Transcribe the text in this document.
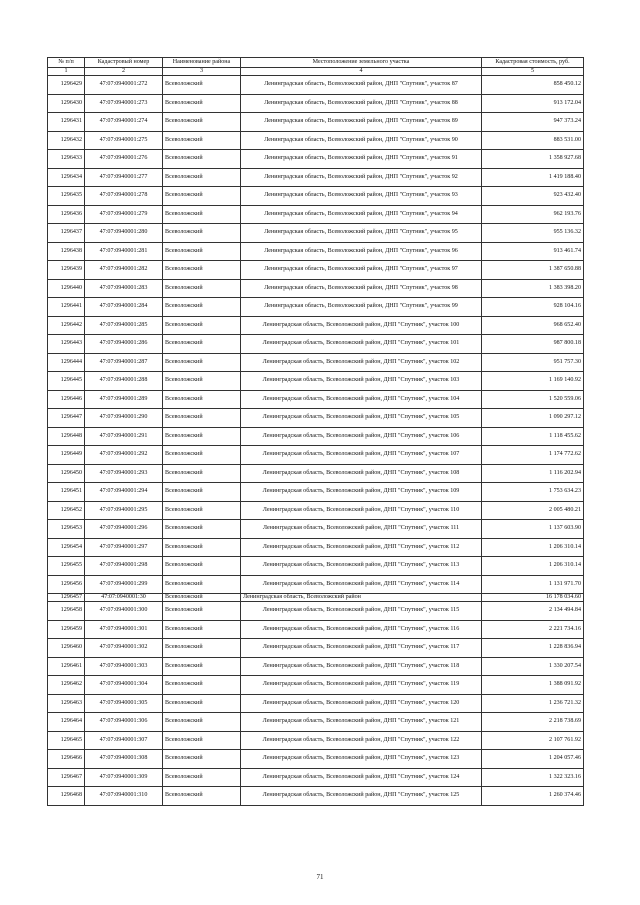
№ п/п	Кадастровый номер	Наименование района	Местоположение земельного участка	Кадастровая стоимость, руб.
1	2	3	4	5
1296429	47:07:0940001:272	Всеволожский	Ленинградская область, Всеволожский район, ДНП "Спутник", участок 87	858 450.12
1296430	47:07:0940001:273	Всеволожский	Ленинградская область, Всеволожский район, ДНП "Спутник", участок 88	913 172.04
1296431	47:07:0940001:274	Всеволожский	Ленинградская область, Всеволожский район, ДНП "Спутник", участок 89	947 373.24
1296432	47:07:0940001:275	Всеволожский	Ленинградская область, Всеволожский район, ДНП "Спутник", участок 90	883 531.00
1296433	47:07:0940001:276	Всеволожский	Ленинградская область, Всеволожский район, ДНП "Спутник", участок 91	1 358 927.68
1296434	47:07:0940001:277	Всеволожский	Ленинградская область, Всеволожский район, ДНП "Спутник", участок 92	1 419 188.40
1296435	47:07:0940001:278	Всеволожский	Ленинградская область, Всеволожский район, ДНП "Спутник", участок 93	923 432.40
1296436	47:07:0940001:279	Всеволожский	Ленинградская область, Всеволожский район, ДНП "Спутник", участок 94	962 193.76
1296437	47:07:0940001:280	Всеволожский	Ленинградская область, Всеволожский район, ДНП "Спутник", участок 95	955 136.32
1296438	47:07:0940001:281	Всеволожский	Ленинградская область, Всеволожский район, ДНП "Спутник", участок 96	913 461.74
1296439	47:07:0940001:282	Всеволожский	Ленинградская область, Всеволожский район, ДНП "Спутник", участок 97	1 387 650.88
1296440	47:07:0940001:283	Всеволожский	Ленинградская область, Всеволожский район, ДНП "Спутник", участок 98	1 383 398.20
1296441	47:07:0940001:284	Всеволожский	Ленинградская область, Всеволожский район, ДНП "Спутник", участок 99	928 104.16
1296442	47:07:0940001:285	Всеволожский	Ленинградская область, Всеволожский район, ДНП "Спутник", участок 100	968 652.40
1296443	47:07:0940001:286	Всеволожский	Ленинградская область, Всеволожский район, ДНП "Спутник", участок 101	987 800.18
1296444	47:07:0940001:287	Всеволожский	Ленинградская область, Всеволожский район, ДНП "Спутник", участок 102	951 757.30
1296445	47:07:0940001:288	Всеволожский	Ленинградская область, Всеволожский район, ДНП "Спутник", участок 103	1 169 140.92
1296446	47:07:0940001:289	Всеволожский	Ленинградская область, Всеволожский район, ДНП "Спутник", участок 104	1 520 559.06
1296447	47:07:0940001:290	Всеволожский	Ленинградская область, Всеволожский район, ДНП "Спутник", участок 105	1 090 297.12
1296448	47:07:0940001:291	Всеволожский	Ленинградская область, Всеволожский район, ДНП "Спутник", участок 106	1 118 455.62
1296449	47:07:0940001:292	Всеволожский	Ленинградская область, Всеволожский район, ДНП "Спутник", участок 107	1 174 772.62
1296450	47:07:0940001:293	Всеволожский	Ленинградская область, Всеволожский район, ДНП "Спутник", участок 108	1 116 202.94
1296451	47:07:0940001:294	Всеволожский	Ленинградская область, Всеволожский район, ДНП "Спутник", участок 109	1 753 634.23
1296452	47:07:0940001:295	Всеволожский	Ленинградская область, Всеволожский район, ДНП "Спутник", участок 110	2 005 480.21
1296453	47:07:0940001:296	Всеволожский	Ленинградская область, Всеволожский район, ДНП "Спутник", участок 111	1 137 603.90
1296454	47:07:0940001:297	Всеволожский	Ленинградская область, Всеволожский район, ДНП "Спутник", участок 112	1 206 310.14
1296455	47:07:0940001:298	Всеволожский	Ленинградская область, Всеволожский район, ДНП "Спутник", участок 113	1 206 310.14
1296456	47:07:0940001:299	Всеволожский	Ленинградская область, Всеволожский район, ДНП "Спутник", участок 114	1 131 971.70
1296457	47:07:0940001:30	Всеволожский	Ленинградская область, Всеволожский район	16 178 034.60
1296458	47:07:0940001:300	Всеволожский	Ленинградская область, Всеволожский район, ДНП "Спутник", участок 115	2 134 494.84
1296459	47:07:0940001:301	Всеволожский	Ленинградская область, Всеволожский район, ДНП "Спутник", участок 116	2 221 734.16
1296460	47:07:0940001:302	Всеволожский	Ленинградская область, Всеволожский район, ДНП "Спутник", участок 117	1 228 836.94
1296461	47:07:0940001:303	Всеволожский	Ленинградская область, Всеволожский район, ДНП "Спутник", участок 118	1 330 207.54
1296462	47:07:0940001:304	Всеволожский	Ленинградская область, Всеволожский район, ДНП "Спутник", участок 119	1 388 091.92
1296463	47:07:0940001:305	Всеволожский	Ленинградская область, Всеволожский район, ДНП "Спутник", участок 120	1 236 721.32
1296464	47:07:0940001:306	Всеволожский	Ленинградская область, Всеволожский район, ДНП "Спутник", участок 121	2 218 738.69
1296465	47:07:0940001:307	Всеволожский	Ленинградская область, Всеволожский район, ДНП "Спутник", участок 122	2 107 761.92
1296466	47:07:0940001:308	Всеволожский	Ленинградская область, Всеволожский район, ДНП "Спутник", участок 123	1 204 057.46
1296467	47:07:0940001:309	Всеволожский	Ленинградская область, Всеволожский район, ДНП "Спутник", участок 124	1 322 323.16
1296468	47:07:0940001:310	Всеволожский	Ленинградская область, Всеволожский район, ДНП "Спутник", участок 125	1 260 374.46
71
